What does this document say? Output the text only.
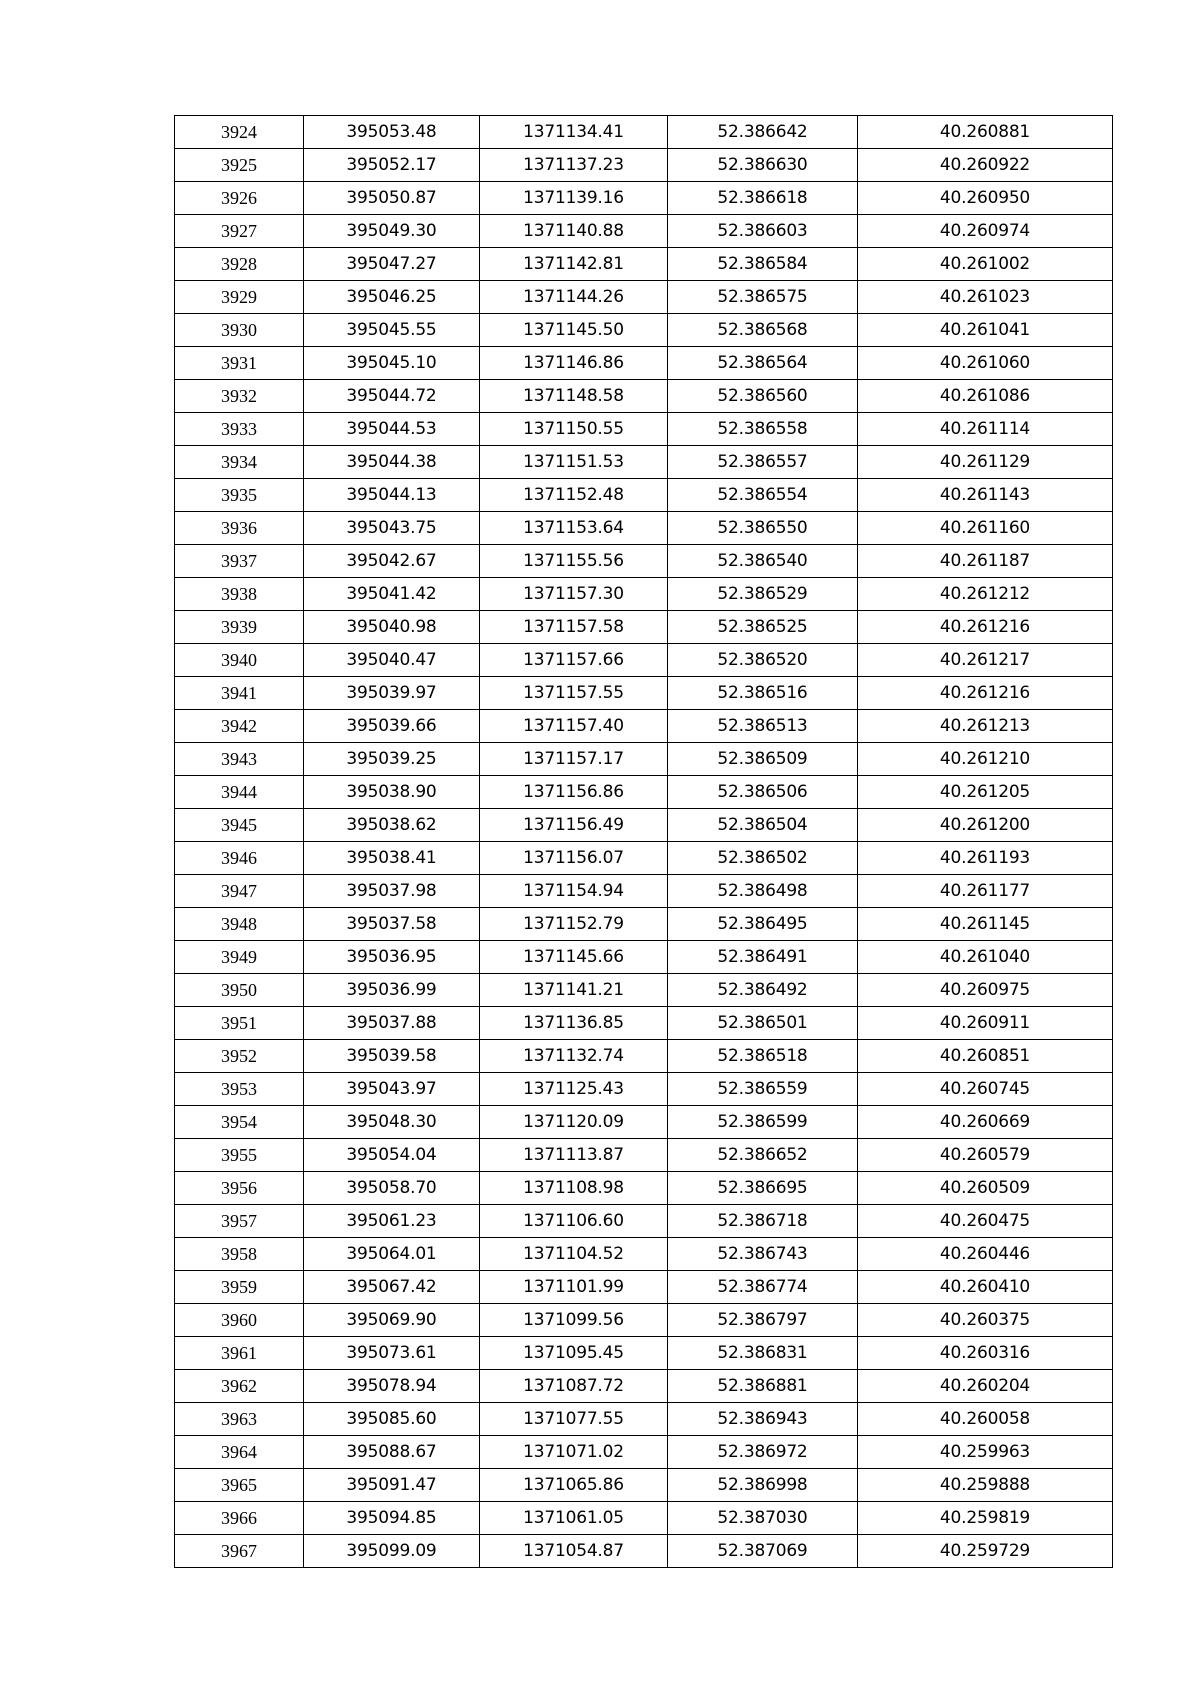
3924	395053.48	1371134.41	52.386642	40.260881
3925	395052.17	1371137.23	52.386630	40.260922
3926	395050.87	1371139.16	52.386618	40.260950
3927	395049.30	1371140.88	52.386603	40.260974
3928	395047.27	1371142.81	52.386584	40.261002
3929	395046.25	1371144.26	52.386575	40.261023
3930	395045.55	1371145.50	52.386568	40.261041
3931	395045.10	1371146.86	52.386564	40.261060
3932	395044.72	1371148.58	52.386560	40.261086
3933	395044.53	1371150.55	52.386558	40.261114
3934	395044.38	1371151.53	52.386557	40.261129
3935	395044.13	1371152.48	52.386554	40.261143
3936	395043.75	1371153.64	52.386550	40.261160
3937	395042.67	1371155.56	52.386540	40.261187
3938	395041.42	1371157.30	52.386529	40.261212
3939	395040.98	1371157.58	52.386525	40.261216
3940	395040.47	1371157.66	52.386520	40.261217
3941	395039.97	1371157.55	52.386516	40.261216
3942	395039.66	1371157.40	52.386513	40.261213
3943	395039.25	1371157.17	52.386509	40.261210
3944	395038.90	1371156.86	52.386506	40.261205
3945	395038.62	1371156.49	52.386504	40.261200
3946	395038.41	1371156.07	52.386502	40.261193
3947	395037.98	1371154.94	52.386498	40.261177
3948	395037.58	1371152.79	52.386495	40.261145
3949	395036.95	1371145.66	52.386491	40.261040
3950	395036.99	1371141.21	52.386492	40.260975
3951	395037.88	1371136.85	52.386501	40.260911
3952	395039.58	1371132.74	52.386518	40.260851
3953	395043.97	1371125.43	52.386559	40.260745
3954	395048.30	1371120.09	52.386599	40.260669
3955	395054.04	1371113.87	52.386652	40.260579
3956	395058.70	1371108.98	52.386695	40.260509
3957	395061.23	1371106.60	52.386718	40.260475
3958	395064.01	1371104.52	52.386743	40.260446
3959	395067.42	1371101.99	52.386774	40.260410
3960	395069.90	1371099.56	52.386797	40.260375
3961	395073.61	1371095.45	52.386831	40.260316
3962	395078.94	1371087.72	52.386881	40.260204
3963	395085.60	1371077.55	52.386943	40.260058
3964	395088.67	1371071.02	52.386972	40.259963
3965	395091.47	1371065.86	52.386998	40.259888
3966	395094.85	1371061.05	52.387030	40.259819
3967	395099.09	1371054.87	52.387069	40.259729
